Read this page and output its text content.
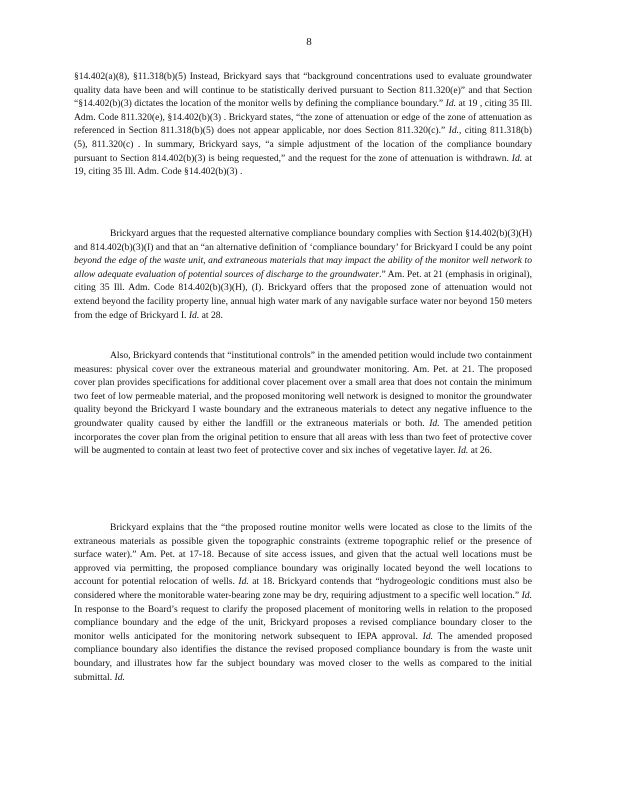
8

§14.402(a)(8), §11.318(b)(5) Instead, Brickyard says that “background concentrations used to evaluate groundwater quality data have been and will continue to be statistically derived pursuant to Section 811.320(e)” and that Section “§14.402(b)(3) dictates the location of the monitor wells by defining the compliance boundary.” Id. at 19 , citing 35 Ill. Adm. Code 811.320(e), §14.402(b)(3) . Brickyard states, “the zone of attenuation or edge of the zone of attenuation as referenced in Section 811.318(b)(5) does not appear applicable, nor does Section 811.320(c).” Id., citing 811.318(b)(5), 811.320(c) . In summary, Brickyard says, “a simple adjustment of the location of the compliance boundary pursuant to Section 814.402(b)(3) is being requested,” and the request for the zone of attenuation is withdrawn. Id. at 19, citing 35 Ill. Adm. Code §14.402(b)(3) .

Brickyard argues that the requested alternative compliance boundary complies with Section §14.402(b)(3)(H) and 814.402(b)(3)(I) and that an “an alternative definition of ‘compliance boundary’ for Brickyard I could be any point beyond the edge of the waste unit, and extraneous materials that may impact the ability of the monitor well network to allow adequate evaluation of potential sources of discharge to the groundwater.” Am. Pet. at 21 (emphasis in original), citing 35 Ill. Adm. Code 814.402(b)(3)(H), (I). Brickyard offers that the proposed zone of attenuation would not extend beyond the facility property line, annual high water mark of any navigable surface water nor beyond 150 meters from the edge of Brickyard I. Id. at 28.

Also, Brickyard contends that “institutional controls” in the amended petition would include two containment measures: physical cover over the extraneous material and groundwater monitoring. Am. Pet. at 21. The proposed cover plan provides specifications for additional cover placement over a small area that does not contain the minimum two feet of low permeable material, and the proposed monitoring well network is designed to monitor the groundwater quality beyond the Brickyard I waste boundary and the extraneous materials to detect any negative influence to the groundwater quality caused by either the landfill or the extraneous materials or both. Id. The amended petition incorporates the cover plan from the original petition to ensure that all areas with less than two feet of protective cover will be augmented to contain at least two feet of protective cover and six inches of vegetative layer. Id. at 26.

Brickyard explains that the “the proposed routine monitor wells were located as close to the limits of the extraneous materials as possible given the topographic constraints (extreme topographic relief or the presence of surface water).” Am. Pet. at 17-18. Because of site access issues, and given that the actual well locations must be approved via permitting, the proposed compliance boundary was originally located beyond the well locations to account for potential relocation of wells. Id. at 18. Brickyard contends that “hydrogeologic conditions must also be considered where the monitorable water-bearing zone may be dry, requiring adjustment to a specific well location.” Id. In response to the Board’s request to clarify the proposed placement of monitoring wells in relation to the proposed compliance boundary and the edge of the unit, Brickyard proposes a revised compliance boundary closer to the monitor wells anticipated for the monitoring network subsequent to IEPA approval. Id. The amended proposed compliance boundary also identifies the distance the revised proposed compliance boundary is from the waste unit boundary, and illustrates how far the subject boundary was moved closer to the wells as compared to the initial submittal. Id.
